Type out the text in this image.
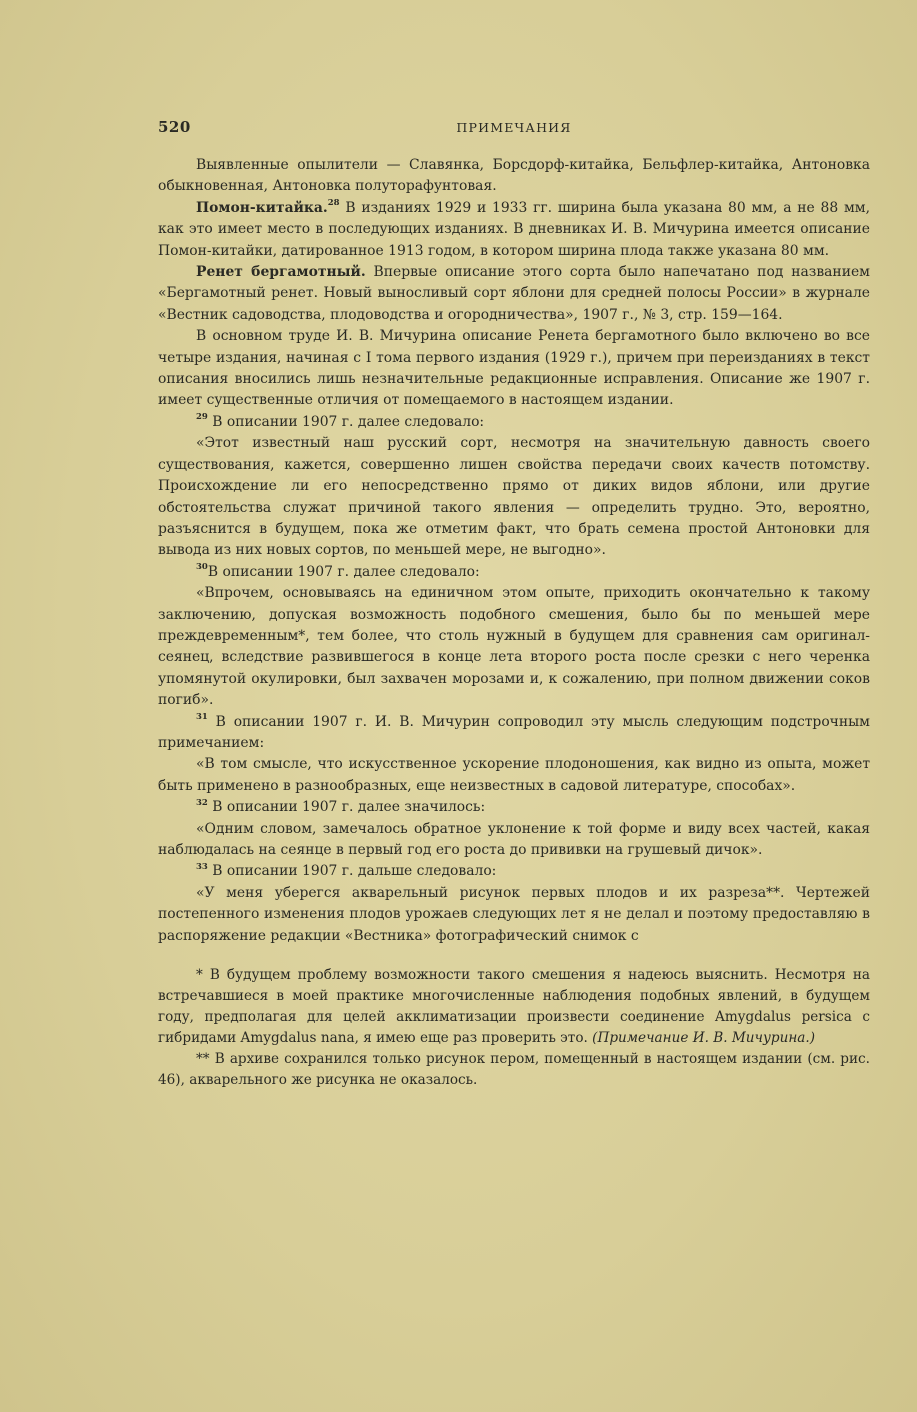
520	ПРИМЕЧАНИЯ

Выявленные опылители — Славянка, Борсдорф-китайка, Бельфлер-китайка, Антоновка обыкновенная, Антоновка полуторафунтовая.

Помон-китайка.$^{28}$ В изданиях 1929 и 1933 гг. ширина была указана 80 мм, а не 88 мм, как это имеет место в последующих изданиях. В дневниках И. В. Мичурина имеется описание Помон-китайки, датированное 1913 годом, в котором ширина плода также указана 80 мм.

Ренет бергамотный. Впервые описание этого сорта было напечатано под названием «Бергамотный ренет. Новый выносливый сорт яблони для средней полосы России» в журнале «Вестник садоводства, плодоводства и огородничества», 1907 г., № 3, стр. 159—164.

В основном труде И. В. Мичурина описание Ренета бергамотного было включено во все четыре издания, начиная с I тома первого издания (1929 г.), причем при переизданиях в текст описания вносились лишь незначительные редакционные исправления. Описание же 1907 г. имеет существенные отличия от помещаемого в настоящем издании.

$^{29}$ В описании 1907 г. далее следовало:

«Этот известный наш русский сорт, несмотря на значительную давность своего существования, кажется, совершенно лишен свойства передачи своих качеств потомству. Происхождение ли его непосредственно прямо от диких видов яблони, или другие обстоятельства служат причиной такого явления — определить трудно. Это, вероятно, разъяснится в будущем, пока же отметим факт, что брать семена простой Антоновки для вывода из них новых сортов, по меньшей мере, не выгодно».

$^{30}$В описании 1907 г. далее следовало:

«Впрочем, основываясь на единичном этом опыте, приходить окончательно к такому заключению, допуская возможность подобного смешения, было бы по меньшей мере преждевременным*, тем более, что столь нужный в будущем для сравнения сам оригинал-сеянец, вследствие развившегося в конце лета второго роста после срезки с него черенка упомянутой окулировки, был захвачен морозами и, к сожалению, при полном движении соков погиб».

$^{31}$ В описании 1907 г. И. В. Мичурин сопроводил эту мысль следующим подстрочным примечанием:

«В том смысле, что искусственное ускорение плодоношения, как видно из опыта, может быть применено в разнообразных, еще неизвестных в садовой литературе, способах».

$^{32}$ В описании 1907 г. далее значилось:

«Одним словом, замечалось обратное уклонение к той форме и виду всех частей, какая наблюдалась на сеянце в первый год его роста до прививки на грушевый дичок».

$^{33}$ В описании 1907 г. дальше следовало:

«У меня уберегся акварельный рисунок первых плодов и их разреза**. Чертежей постепенного изменения плодов урожаев следующих лет я не делал и поэтому предоставляю в распоряжение редакции «Вестника» фотографический снимок с

* В будущем проблему возможности такого смешения я надеюсь выяснить. Несмотря на встречавшиеся в моей практике многочисленные наблюдения подобных явлений, в будущем году, предполагая для целей акклиматизации произвести соединение Amygdalus persica с гибридами Amygdalus nana, я имею еще раз проверить это. (Примечание И. В. Мичурина.)

** В архиве сохранился только рисунок пером, помещенный в настоящем издании (см. рис. 46), акварельного же рисунка не оказалось.
